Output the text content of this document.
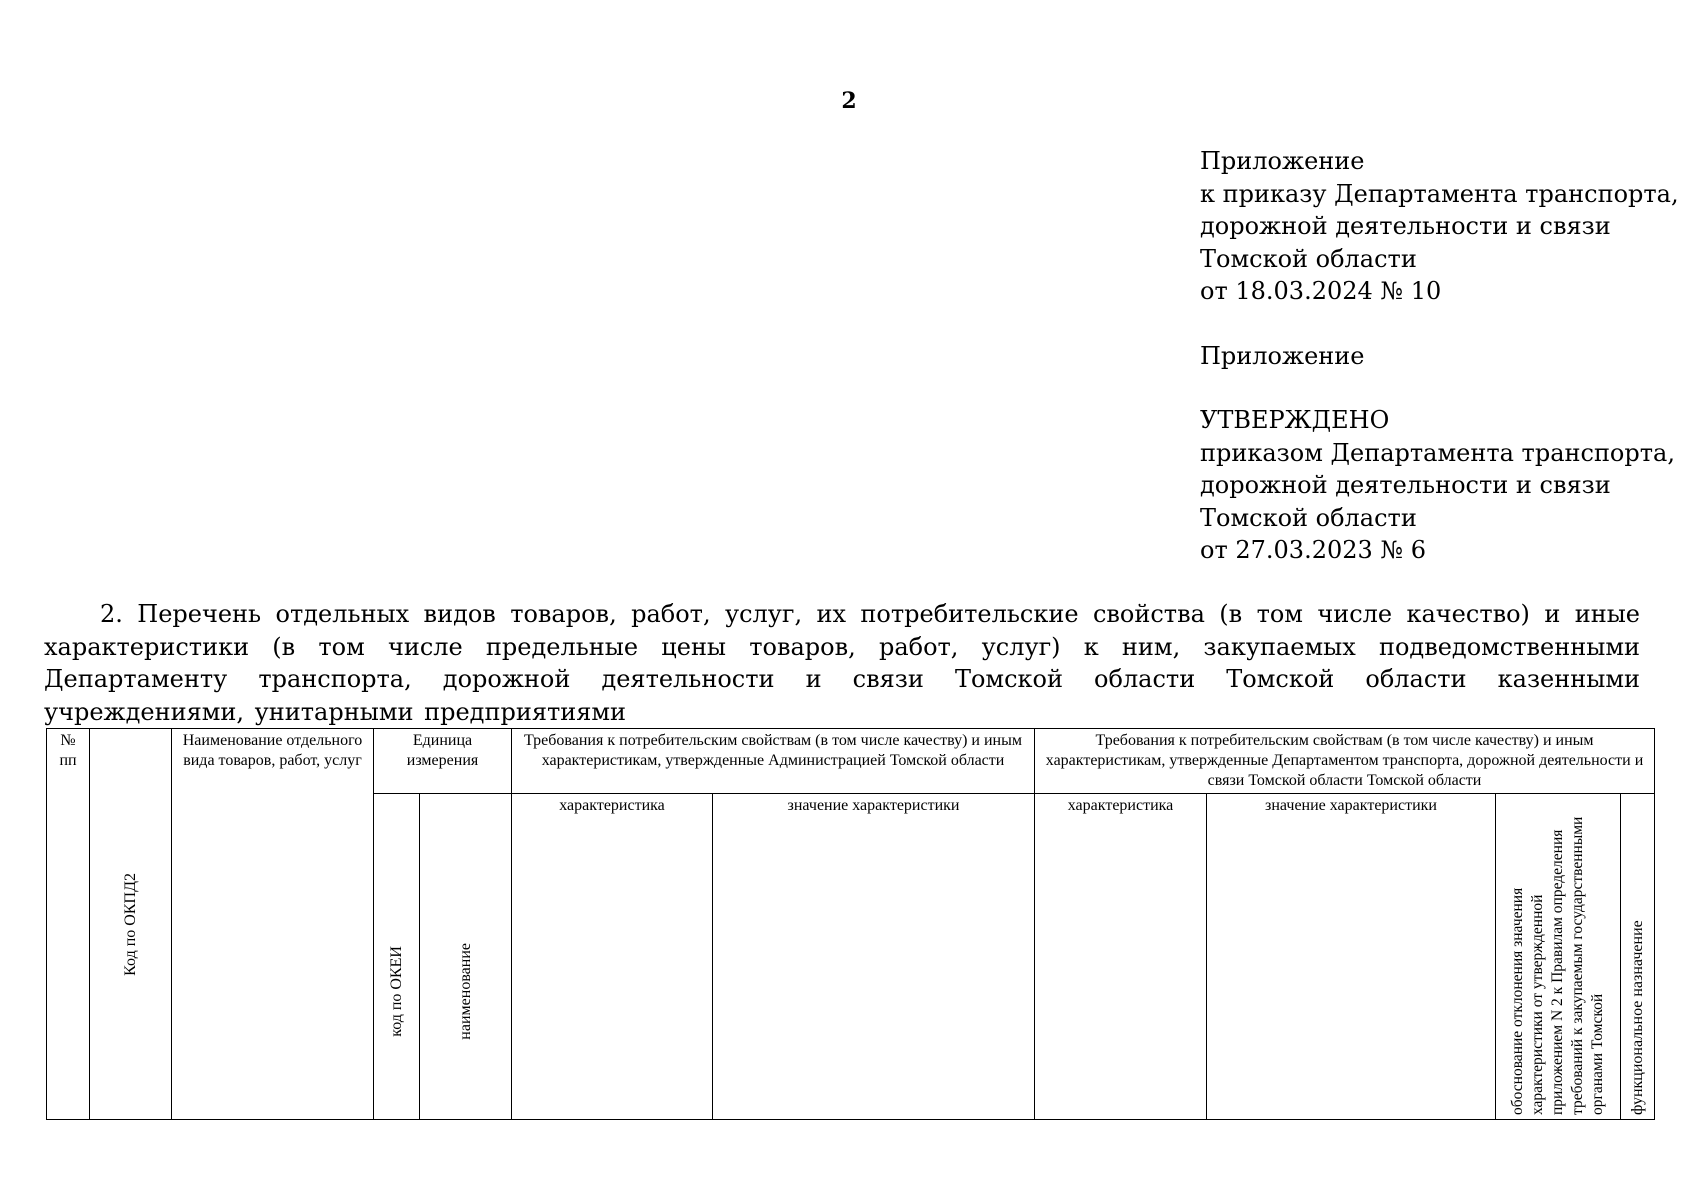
2
Приложение
к приказу Департамента транспорта,
дорожной деятельности и связи
Томской области
от 18.03.2024 № 10
Приложение
УТВЕРЖДЕНО
приказом Департамента транспорта,
дорожной деятельности и связи
Томской области
от 27.03.2023 № 6
2. Перечень отдельных видов товаров, работ, услуг, их потребительские свойства (в том числе качество) и иные характеристики (в том числе предельные цены товаров, работ, услуг) к ним, закупаемых подведомственными Департаменту транспорта, дорожной деятельности и связи Томской области Томской области казенными учреждениями, унитарными предприятиями
№ пп	Код по ОКПД2	Наименование отдельного вида товаров, работ, услуг	Единица измерения		Требования к потребительским свойствам (в том числе качеству) и иным характеристикам, утвержденные Администрацией Томской области		Требования к потребительским свойствам (в том числе качеству) и иным характеристикам, утвержденные Департаментом транспорта, дорожной деятельности и связи Томской области Томской области			

			код по ОКЕИ	наименование	характеристика	значение характеристики	характеристика	значение характеристики	обоснование отклонения значения характеристики от утвержденной приложением N 2 к Правилам определения требований к закупаемым государственными органами Томской	функциональное назначение
